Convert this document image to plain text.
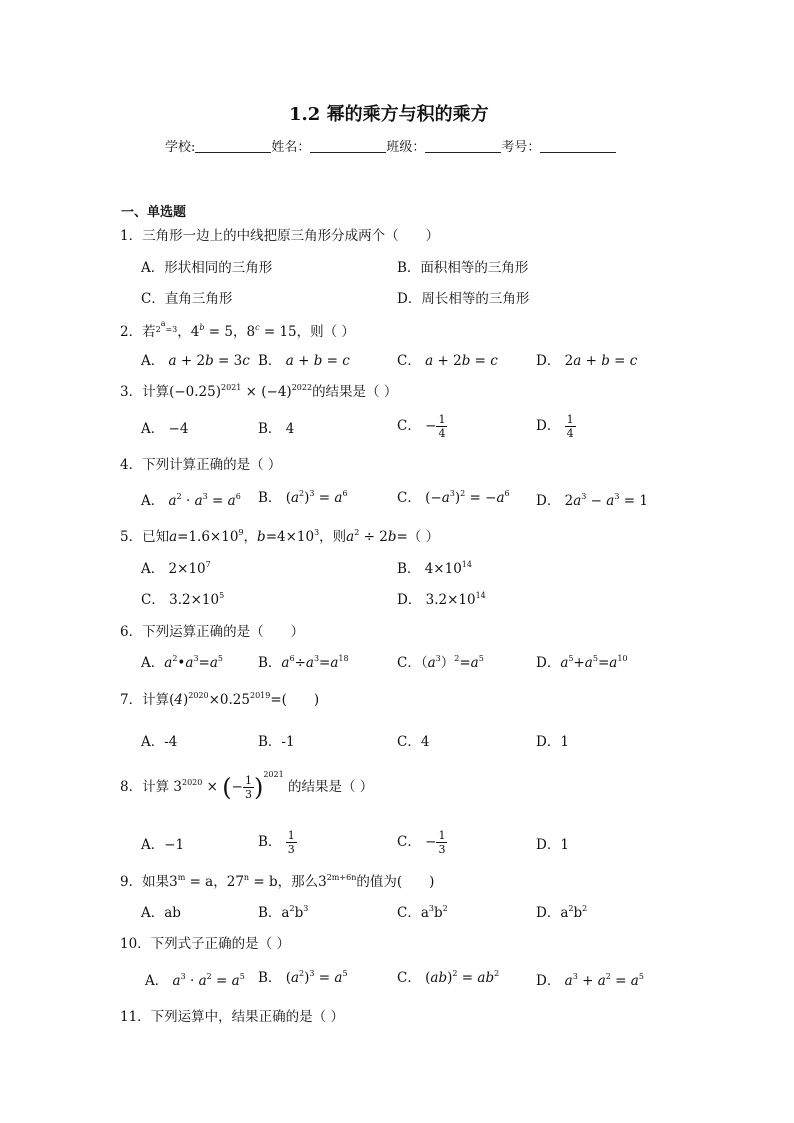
1.2 幂的乘方与积的乘方
学校:	姓名：	班级：	考号：
一、单选题
1．三角形一边上的中线把原三角形分成两个（　　）
A．形状相同的三角形	B．面积相等的三角形
C．直角三角形	D．周长相等的三角形
2．若$^{2^a=3}$，$4^b = 5$，$8^c = 15$，则（ ）
A． a + 2b = 3c B． a + b = c	C． a + 2b = c	D． 2a + b = c
3．计算$(-0.25)^{2021} \times (-4)^{2022}$的结果是（ ）
A． −4	B． 4	C． − $\frac{1}{4}$	D． $\frac{1}{4}$
4．下列计算正确的是（ ）
A． $a^2 \cdot a^3 = a^6$ B． $(a^2)^3 = a^6$	C． $(-a^3)^2 = -a^6$ D． $2a^3 - a^3 = 1$
5．已知$a=1.6\times 10^9$，$b=4\times 10^3$，则$a^2 \div 2b=$（ ）
A． $2\times 10^7$	B． $4\times 10^{14}$
C． $3.2\times 10^5$	D． $3.2\times 10^{14}$
6．下列运算正确的是（　　）
A．$a^2•a^3=a^5$	B．$a^6\div a^3=a^{18}$	C．$(a^3)^2=a^5$	D．$a^5+a^5=a^{10}$
7．计算$(4)^{2020}\times 0.25^{2019}=$(　　)
A．-4	B．-1	C．4	D．1
8．计算 $3^{2020}$ × (− $\frac{1}{3} )^{2021}$ 的结果是（ ）
A．−1	B． $\frac{1}{3}$	C． − $\frac{1}{3}$	D．1
9．如果$3^m = a$，$27^n = b$，那么$3^{2m+6n}$的值为(　　)
A．ab	B．$a^2b^3$	C．$a^3b^2$	D．$a^2b^2$
10．下列式子正确的是（ ）
A． $a^3 \cdot a^2 = a^5$ B． $(a^2)^3 = a^5$	C． $(ab)^2 = ab^2$	D． $a^3 + a^2 = a^5$
11．下列运算中，结果正确的是（ ）
